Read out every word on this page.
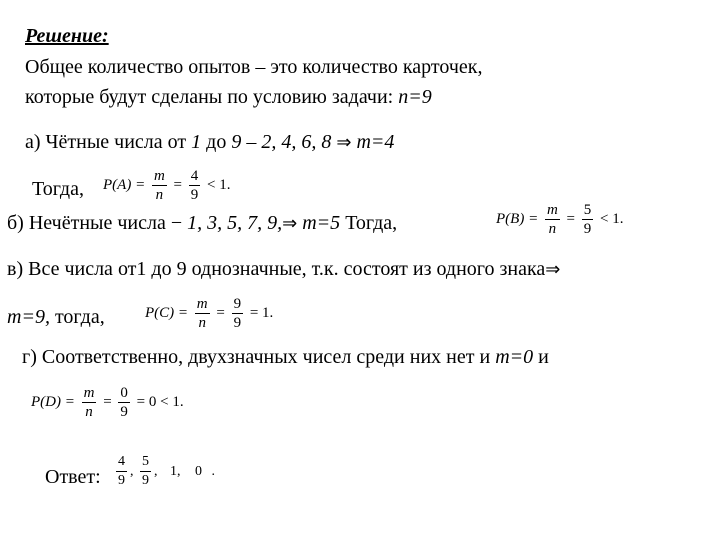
Решение:
Общее количество опытов – это количество карточек,
которые будут сделаны по условию задачи: n=9
а) Чётные числа от 1 до 9 – 2, 4, 6, 8 ⇒ m=4
Тогда, $P(A) = \frac{m}{n} = \frac{4}{9} < 1$.
б) Нечётные числа − 1, 3, 5, 7, 9,⇒ m=5 Тогда,	$P(B) = \frac{m}{n} = \frac{5}{9} < 1$.
в) Все числа от1 до 9 однозначные, т.к. состоят из одного знака⇒
m=9, тогда,	$P(C) = \frac{m}{n} = \frac{9}{9} = 1$.
г) Соответственно, двухзначных чисел среди них нет и m=0 и
$P(D) = \frac{m}{n} = \frac{0}{9} = 0 < 1$.
Ответ: $\frac{4}{9}$ , $\frac{5}{9}$ , 1, 0 .
